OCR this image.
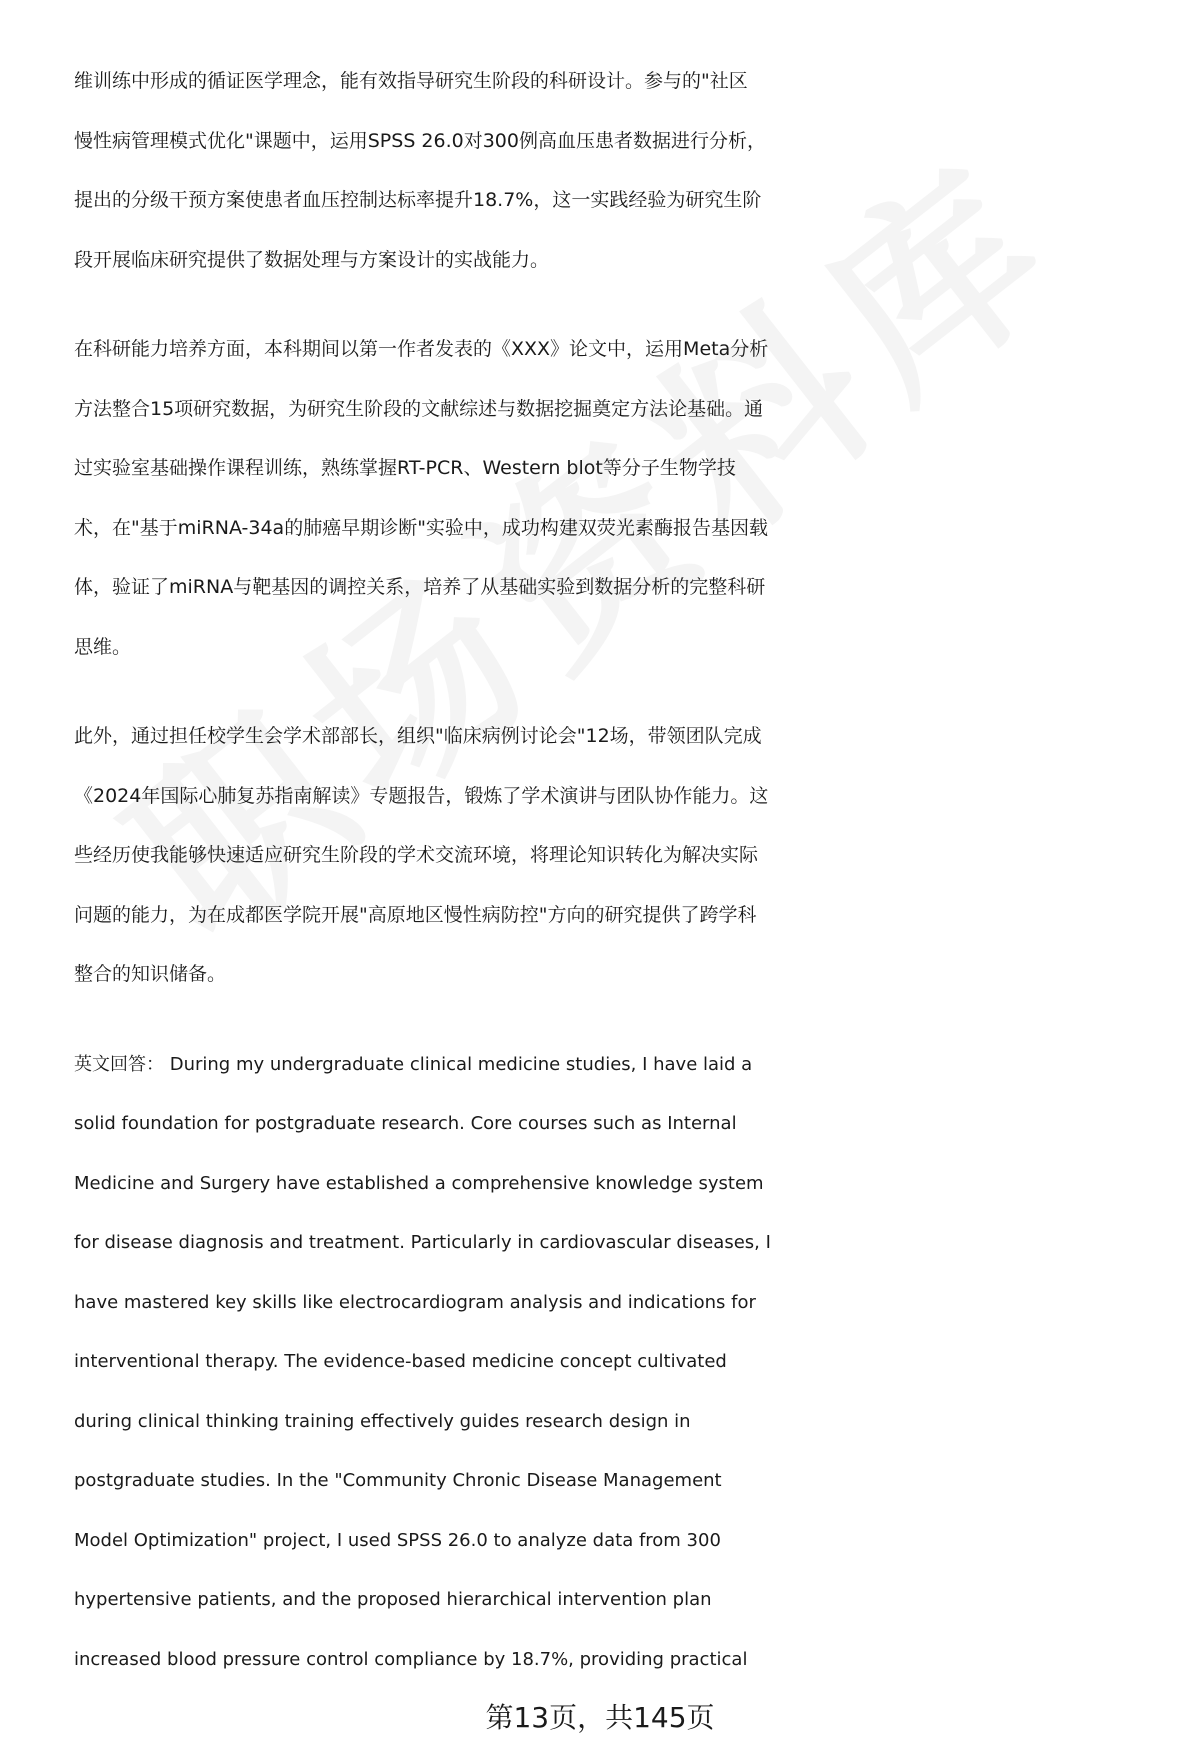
维训练中形成的循证医学理念，能有效指导研究生阶段的科研设计。参与的"社区
慢性病管理模式优化"课题中，运用SPSS 26.0对300例高血压患者数据进行分析，
提出的分级干预方案使患者血压控制达标率提升18.7%，这一实践经验为研究生阶
段开展临床研究提供了数据处理与方案设计的实战能力。
在科研能力培养方面，本科期间以第一作者发表的《XXX》论文中，运用Meta分析
方法整合15项研究数据，为研究生阶段的文献综述与数据挖掘奠定方法论基础。通
过实验室基础操作课程训练，熟练掌握RT-PCR、Western blot等分子生物学技
术，在"基于miRNA-34a的肺癌早期诊断"实验中，成功构建双荧光素酶报告基因载
体，验证了miRNA与靶基因的调控关系，培养了从基础实验到数据分析的完整科研
思维。
此外，通过担任校学生会学术部部长，组织"临床病例讨论会"12场，带领团队完成
《2024年国际心肺复苏指南解读》专题报告，锻炼了学术演讲与团队协作能力。这
些经历使我能够快速适应研究生阶段的学术交流环境，将理论知识转化为解决实际
问题的能力，为在成都医学院开展"高原地区慢性病防控"方向的研究提供了跨学科
整合的知识储备。
英文回答： During my undergraduate clinical medicine studies, I have laid a
solid foundation for postgraduate research. Core courses such as Internal
Medicine and Surgery have established a comprehensive knowledge system
for disease diagnosis and treatment. Particularly in cardiovascular diseases, I
have mastered key skills like electrocardiogram analysis and indications for
interventional therapy. The evidence-based medicine concept cultivated
during clinical thinking training effectively guides research design in
postgraduate studies. In the "Community Chronic Disease Management
Model Optimization" project, I used SPSS 26.0 to analyze data from 300
hypertensive patients, and the proposed hierarchical intervention plan
increased blood pressure control compliance by 18.7%, providing practical
第13页，共145页
